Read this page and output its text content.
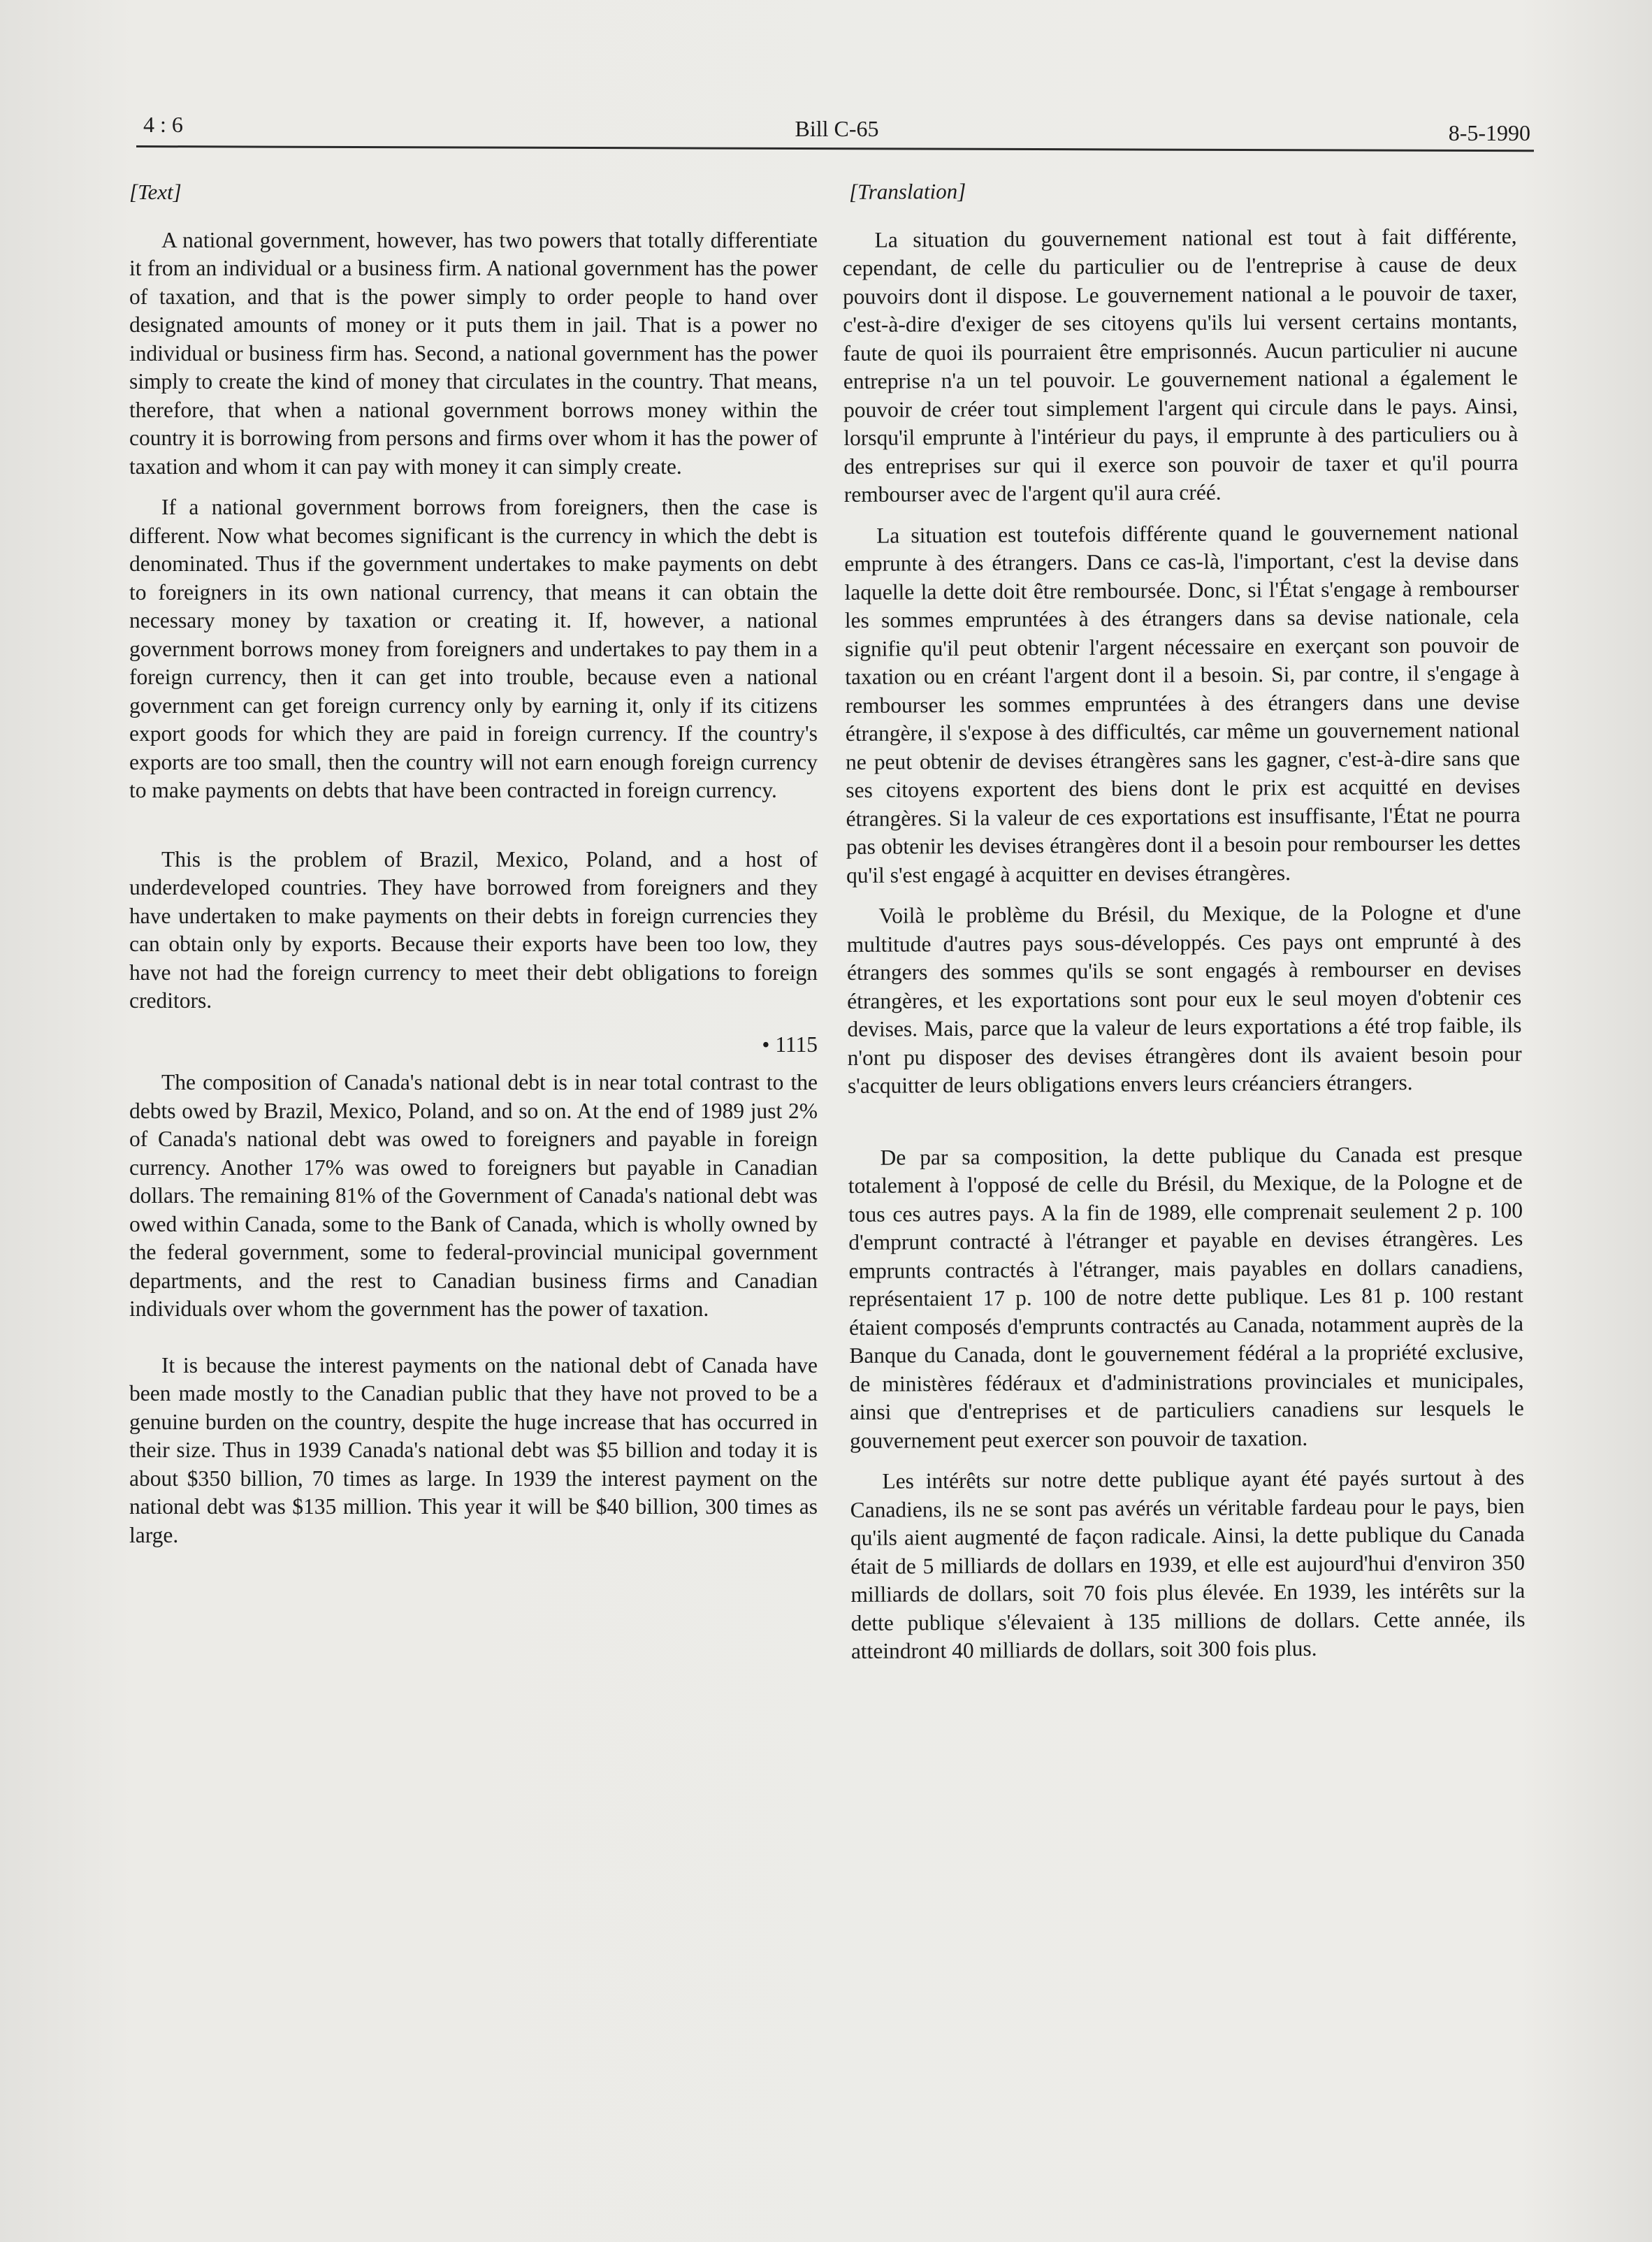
4 : 6	Bill C-65	8-5-1990
[Text]

A national government, however, has two powers that totally differentiate it from an individual or a business firm. A national government has the power of taxation, and that is the power simply to order people to hand over designated amounts of money or it puts them in jail. That is a power no individual or business firm has. Second, a national government has the power simply to create the kind of money that circulates in the country. That means, therefore, that when a national government borrows money within the country it is borrowing from persons and firms over whom it has the power of taxation and whom it can pay with money it can simply create.

If a national government borrows from foreigners, then the case is different. Now what becomes significant is the currency in which the debt is denominated. Thus if the government undertakes to make payments on debt to foreigners in its own national currency, that means it can obtain the necessary money by taxation or creating it. If, however, a national government borrows money from foreigners and undertakes to pay them in a foreign currency, then it can get into trouble, because even a national government can get foreign currency only by earning it, only if its citizens export goods for which they are paid in foreign currency. If the country's exports are too small, then the country will not earn enough foreign currency to make payments on debts that have been contracted in foreign currency.

This is the problem of Brazil, Mexico, Poland, and a host of underdeveloped countries. They have borrowed from foreigners and they have undertaken to make payments on their debts in foreign currencies they can obtain only by exports. Because their exports have been too low, they have not had the foreign currency to meet their debt obligations to foreign creditors.

• 1115

The composition of Canada's national debt is in near total contrast to the debts owed by Brazil, Mexico, Poland, and so on. At the end of 1989 just 2% of Canada's national debt was owed to foreigners and payable in foreign currency. Another 17% was owed to foreigners but payable in Canadian dollars. The remaining 81% of the Government of Canada's national debt was owed within Canada, some to the Bank of Canada, which is wholly owned by the federal government, some to federal-provincial municipal government departments, and the rest to Canadian business firms and Canadian individuals over whom the government has the power of taxation.

It is because the interest payments on the national debt of Canada have been made mostly to the Canadian public that they have not proved to be a genuine burden on the country, despite the huge increase that has occurred in their size. Thus in 1939 Canada's national debt was $5 billion and today it is about $350 billion, 70 times as large. In 1939 the interest payment on the national debt was $135 million. This year it will be $40 billion, 300 times as large.

[Translation]

La situation du gouvernement national est tout à fait différente, cependant, de celle du particulier ou de l'entreprise à cause de deux pouvoirs dont il dispose. Le gouvernement national a le pouvoir de taxer, c'est-à-dire d'exiger de ses citoyens qu'ils lui versent certains montants, faute de quoi ils pourraient être emprisonnés. Aucun particulier ni aucune entreprise n'a un tel pouvoir. Le gouvernement national a également le pouvoir de créer tout simplement l'argent qui circule dans le pays. Ainsi, lorsqu'il emprunte à l'intérieur du pays, il emprunte à des particuliers ou à des entreprises sur qui il exerce son pouvoir de taxer et qu'il pourra rembourser avec de l'argent qu'il aura créé.

La situation est toutefois différente quand le gouvernement national emprunte à des étrangers. Dans ce cas-là, l'important, c'est la devise dans laquelle la dette doit être remboursée. Donc, si l'État s'engage à rembourser les sommes empruntées à des étrangers dans sa devise nationale, cela signifie qu'il peut obtenir l'argent nécessaire en exerçant son pouvoir de taxation ou en créant l'argent dont il a besoin. Si, par contre, il s'engage à rembourser les sommes empruntées à des étrangers dans une devise étrangère, il s'expose à des difficultés, car même un gouvernement national ne peut obtenir de devises étrangères sans les gagner, c'est-à-dire sans que ses citoyens exportent des biens dont le prix est acquitté en devises étrangères. Si la valeur de ces exportations est insuffisante, l'État ne pourra pas obtenir les devises étrangères dont il a besoin pour rembourser les dettes qu'il s'est engagé à acquitter en devises étrangères.

Voilà le problème du Brésil, du Mexique, de la Pologne et d'une multitude d'autres pays sous-développés. Ces pays ont emprunté à des étrangers des sommes qu'ils se sont engagés à rembourser en devises étrangères, et les exportations sont pour eux le seul moyen d'obtenir ces devises. Mais, parce que la valeur de leurs exportations a été trop faible, ils n'ont pu disposer des devises étrangères dont ils avaient besoin pour s'acquitter de leurs obligations envers leurs créanciers étrangers.

De par sa composition, la dette publique du Canada est presque totalement à l'opposé de celle du Brésil, du Mexique, de la Pologne et de tous ces autres pays. A la fin de 1989, elle comprenait seulement 2 p. 100 d'emprunt contracté à l'étranger et payable en devises étrangères. Les emprunts contractés à l'étranger, mais payables en dollars canadiens, représentaient 17 p. 100 de notre dette publique. Les 81 p. 100 restant étaient composés d'emprunts contractés au Canada, notamment auprès de la Banque du Canada, dont le gouvernement fédéral a la propriété exclusive, de ministères fédéraux et d'administrations provinciales et municipales, ainsi que d'entreprises et de particuliers canadiens sur lesquels le gouvernement peut exercer son pouvoir de taxation.

Les intérêts sur notre dette publique ayant été payés surtout à des Canadiens, ils ne se sont pas avérés un véritable fardeau pour le pays, bien qu'ils aient augmenté de façon radicale. Ainsi, la dette publique du Canada était de 5 milliards de dollars en 1939, et elle est aujourd'hui d'environ 350 milliards de dollars, soit 70 fois plus élevée. En 1939, les intérêts sur la dette publique s'élevaient à 135 millions de dollars. Cette année, ils atteindront 40 milliards de dollars, soit 300 fois plus.
